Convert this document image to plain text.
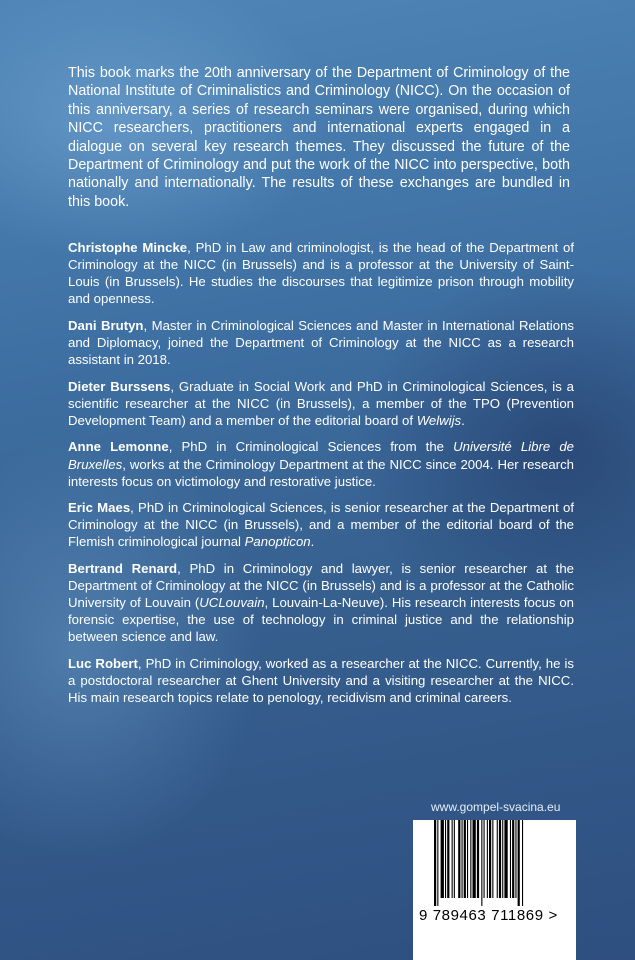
This book marks the 20th anniversary of the Department of Criminology of the National Institute of Criminalistics and Criminology (NICC). On the occasion of this anniversary, a series of research seminars were organised, during which NICC researchers, practitioners and international experts engaged in a dialogue on several key research themes. They discussed the future of the Department of Criminology and put the work of the NICC into perspective, both nationally and internationally. The results of these exchanges are bundled in this book.

Christophe Mincke, PhD in Law and criminologist, is the head of the Department of Criminology at the NICC (in Brussels) and is a professor at the University of Saint-Louis (in Brussels). He studies the discourses that legitimize prison through mobility and openness.

Dani Brutyn, Master in Criminological Sciences and Master in International Relations and Diplomacy, joined the Department of Criminology at the NICC as a research assistant in 2018.

Dieter Burssens, Graduate in Social Work and PhD in Criminological Sciences, is a scientific researcher at the NICC (in Brussels), a member of the TPO (Prevention Development Team) and a member of the editorial board of Welwijs.

Anne Lemonne, PhD in Criminological Sciences from the Université Libre de Bruxelles, works at the Criminology Department at the NICC since 2004. Her research interests focus on victimology and restorative justice.

Eric Maes, PhD in Criminological Sciences, is senior researcher at the Department of Criminology at the NICC (in Brussels), and a member of the editorial board of the Flemish criminological journal Panopticon.

Bertrand Renard, PhD in Criminology and lawyer, is senior researcher at the Department of Criminology at the NICC (in Brussels) and is a professor at the Catholic University of Louvain (UCLouvain, Louvain-La-Neuve). His research interests focus on forensic expertise, the use of technology in criminal justice and the relationship between science and law.

Luc Robert, PhD in Criminology, worked as a researcher at the NICC. Currently, he is a postdoctoral researcher at Ghent University and a visiting researcher at the NICC. His main research topics relate to penology, recidivism and criminal careers.

www.gompel-svacina.eu
9 789463 711869 >
